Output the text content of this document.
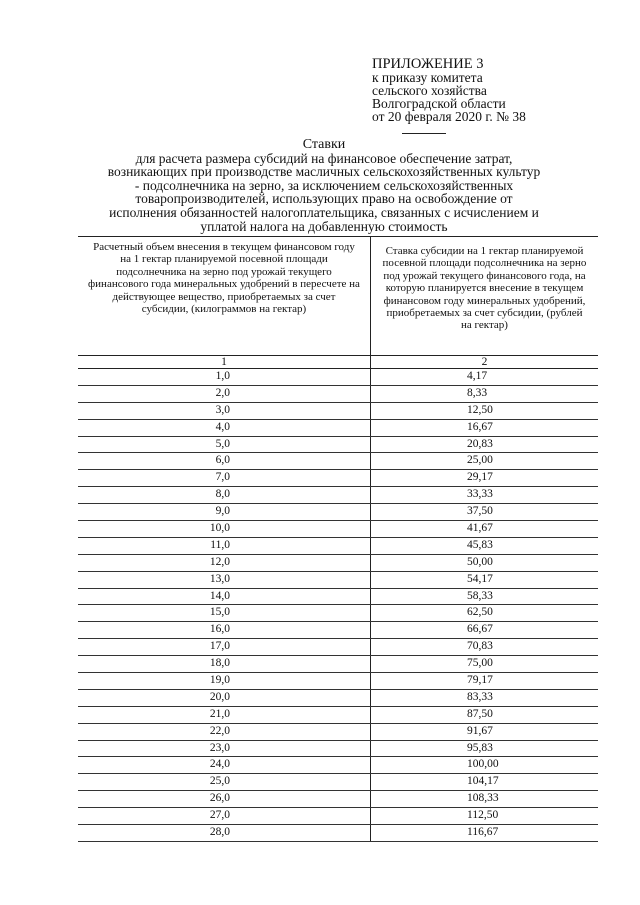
ПРИЛОЖЕНИЕ 3
к приказу комитета
сельского хозяйства
Волгоградской области
от 20 февраля 2020 г. № 38
Ставки
для расчета размера субсидий на финансовое обеспечение затрат,
возникающих при производстве масличных сельскохозяйственных культур
- подсолнечника на зерно, за исключением сельскохозяйственных
товаропроизводителей, использующих право на освобождение от
исполнения обязанностей налогоплательщика, связанных с исчислением и
уплатой налога на добавленную стоимость
Расчетный объем внесения в текущем финансовом году на 1 гектар планируемой посевной площади подсолнечника на зерно под урожай текущего финансового года минеральных удобрений в пересчете на действующее вещество, приобретаемых за счет субсидии, (килограммов на гектар)
Ставка субсидии на 1 гектар планируемой посевной площади подсолнечника на зерно под урожай текущего финансового года, на которую планируется внесение в текущем финансовом году минеральных удобрений, приобретаемых за счет субсидии, (рублей на гектар)
1	2
1,0	4,17
2,0	8,33
3,0	12,50
4,0	16,67
5,0	20,83
6,0	25,00
7,0	29,17
8,0	33,33
9,0	37,50
10,0	41,67
11,0	45,83
12,0	50,00
13,0	54,17
14,0	58,33
15,0	62,50
16,0	66,67
17,0	70,83
18,0	75,00
19,0	79,17
20,0	83,33
21,0	87,50
22,0	91,67
23,0	95,83
24,0	100,00
25,0	104,17
26,0	108,33
27,0	112,50
28,0	116,67
